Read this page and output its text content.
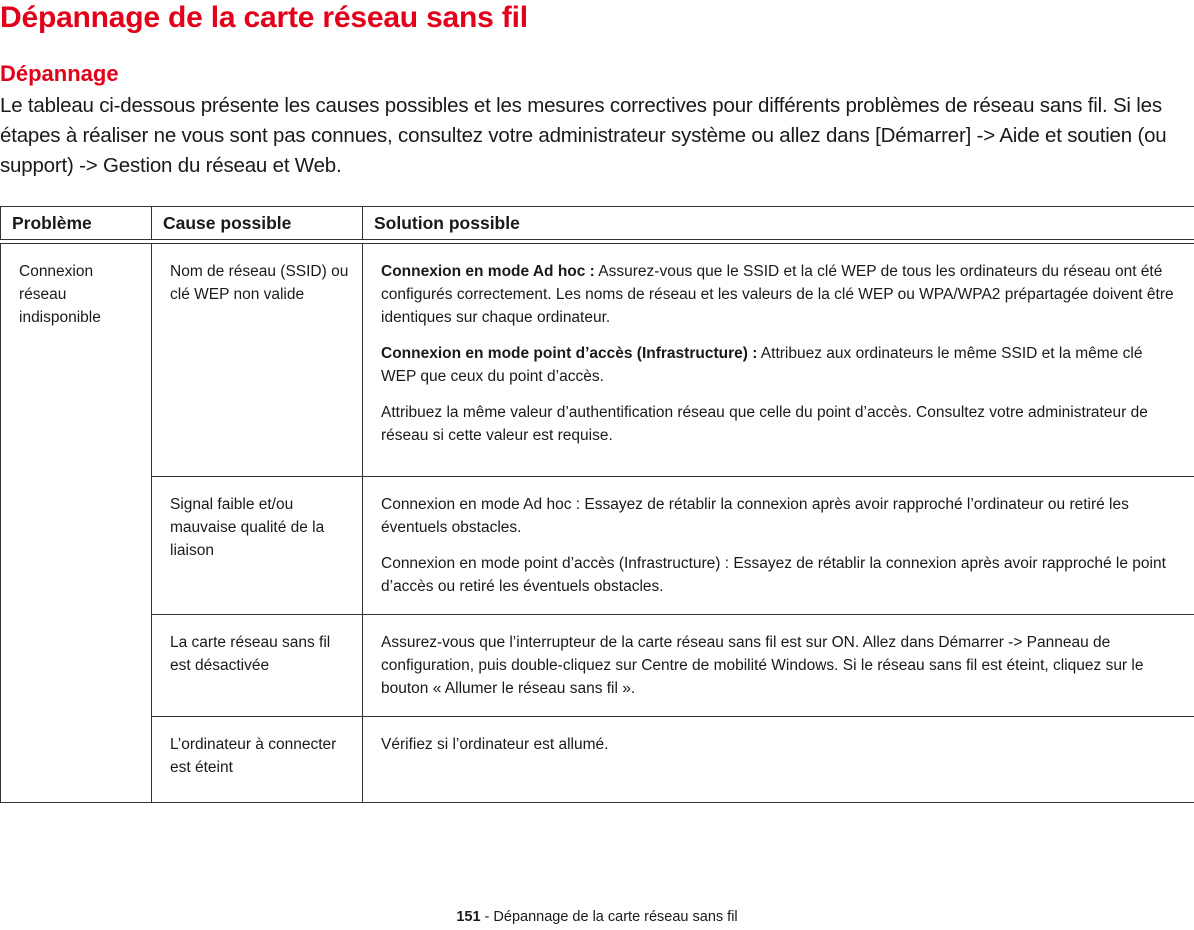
Dépannage de la carte réseau sans fil
Dépannage

Le tableau ci-dessous présente les causes possibles et les mesures correctives pour différents problèmes de réseau sans fil. Si les étapes à réaliser ne vous sont pas connues, consultez votre administrateur système ou allez dans [Démarrer] -> Aide et soutien (ou support) -> Gestion du réseau et Web.

Problème	Cause possible	Solution possible

Connexion réseau indisponible	Nom de réseau (SSID) ou clé WEP non valide	Connexion en mode Ad hoc : Assurez-vous que le SSID et la clé WEP de tous les ordinateurs du réseau ont été configurés correctement. Les noms de réseau et les valeurs de la clé WEP ou WPA/WPA2 prépartagée doivent être identiques sur chaque ordinateur.

Connexion en mode point d’accès (Infrastructure) : Attribuez aux ordinateurs le même SSID et la même clé WEP que ceux du point d’accès.

Attribuez la même valeur d’authentification réseau que celle du point d’accès. Consultez votre administrateur de réseau si cette valeur est requise.

	Signal faible et/ou mauvaise qualité de la liaison	Connexion en mode Ad hoc : Essayez de rétablir la connexion après avoir rapproché l’ordinateur ou retiré les éventuels obstacles.

Connexion en mode point d’accès (Infrastructure) : Essayez de rétablir la connexion après avoir rapproché le point d’accès ou retiré les éventuels obstacles.

	La carte réseau sans fil est désactivée	Assurez-vous que l’interrupteur de la carte réseau sans fil est sur ON. Allez dans Démarrer -> Panneau de configuration, puis double-cliquez sur Centre de mobilité Windows. Si le réseau sans fil est éteint, cliquez sur le bouton « Allumer le réseau sans fil ».

	L’ordinateur à connecter est éteint	Vérifiez si l’ordinateur est allumé.

151 - Dépannage de la carte réseau sans fil
